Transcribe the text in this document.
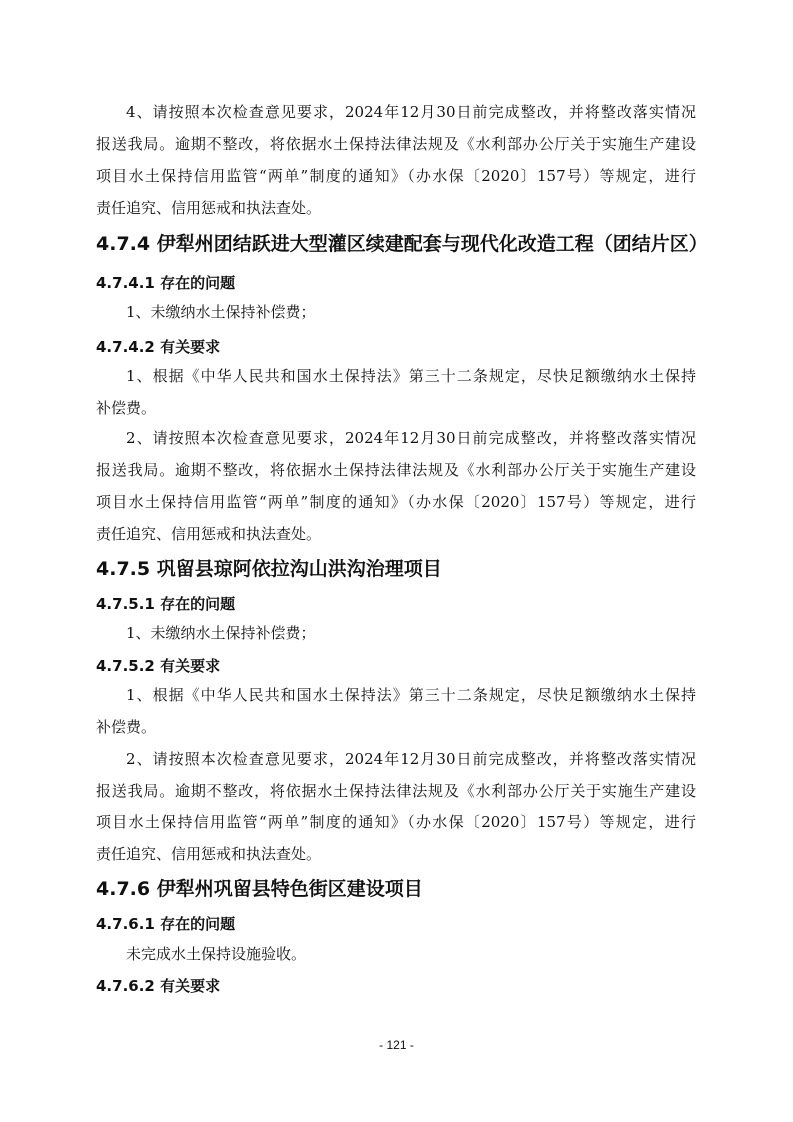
4、请按照本次检查意见要求，2024年12月30日前完成整改，并将整改落实情况

报送我局。逾期不整改，将依据水土保持法律法规及《水利部办公厅关于实施生产建设

项目水土保持信用监管“两单”制度的通知》（办水保〔2020〕157号）等规定，进行

责任追究、信用惩戒和执法查处。

4.7.4 伊犁州团结跃进大型灌区续建配套与现代化改造工程（团结片区）
4.7.4.1 存在的问题

1、未缴纳水土保持补偿费；

4.7.4.2 有关要求

1、根据《中华人民共和国水土保持法》第三十二条规定，尽快足额缴纳水土保持

补偿费。

2、请按照本次检查意见要求，2024年12月30日前完成整改，并将整改落实情况

报送我局。逾期不整改，将依据水土保持法律法规及《水利部办公厅关于实施生产建设

项目水土保持信用监管“两单”制度的通知》（办水保〔2020〕157号）等规定，进行

责任追究、信用惩戒和执法查处。

4.7.5 巩留县琼阿依拉沟山洪沟治理项目
4.7.5.1 存在的问题

1、未缴纳水土保持补偿费；

4.7.5.2 有关要求

1、根据《中华人民共和国水土保持法》第三十二条规定，尽快足额缴纳水土保持

补偿费。

2、请按照本次检查意见要求，2024年12月30日前完成整改，并将整改落实情况

报送我局。逾期不整改，将依据水土保持法律法规及《水利部办公厅关于实施生产建设

项目水土保持信用监管“两单”制度的通知》（办水保〔2020〕157号）等规定，进行

责任追究、信用惩戒和执法查处。

4.7.6 伊犁州巩留县特色街区建设项目
4.7.6.1 存在的问题

未完成水土保持设施验收。

4.7.6.2 有关要求
- 121 -
